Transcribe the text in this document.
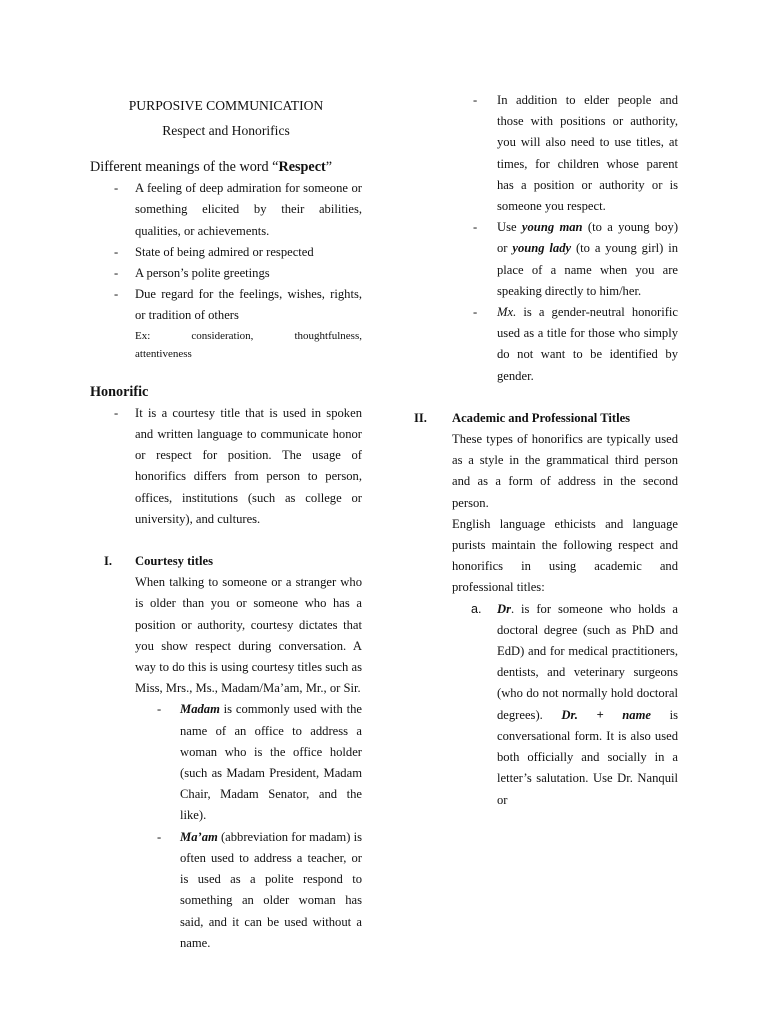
PURPOSIVE COMMUNICATION
Respect and Honorifics
Different meanings of the word “Respect”
- A feeling of deep admiration for someone or something elicited by their abilities, qualities, or achievements.
- State of being admired or respected
- A person’s polite greetings
- Due regard for the feelings, wishes, rights, or tradition of others
Ex: consideration, thoughtfulness,
attentiveness
Honorific
- It is a courtesy title that is used in spoken and written language to communicate honor or respect for position. The usage of honorifics differs from person to person, offices, institutions (such as college or university), and cultures.
I. Courtesy titles
When talking to someone or a stranger who is older than you or someone who has a position or authority, courtesy dictates that you show respect during conversation. A way to do this is using courtesy titles such as Miss, Mrs., Ms., Madam/Ma’am, Mr., or Sir.
- Madam is commonly used with the name of an office to address a woman who is the office holder (such as Madam President, Madam Chair, Madam Senator, and the like).
- Ma’am (abbreviation for madam) is often used to address a teacher, or is used as a polite respond to something an older woman has said, and it can be used without a name.
- In addition to elder people and those with positions or authority, you will also need to use titles, at times, for children whose parent has a position or authority or is someone you respect.
- Use young man (to a young boy) or young lady (to a young girl) in place of a name when you are speaking directly to him/her.
- Mx. is a gender-neutral honorific used as a title for those who simply do not want to be identified by gender.
II. Academic and Professional Titles
These types of honorifics are typically used as a style in the grammatical third person and as a form of address in the second person.
English language ethicists and language purists maintain the following respect and honorifics in using academic and professional titles:
a. Dr. is for someone who holds a doctoral degree (such as PhD and EdD) and for medical practitioners, dentists, and veterinary surgeons (who do not normally hold doctoral degrees). Dr. + name is conversational form. It is also used both officially and socially in a letter’s salutation. Use Dr. Nanquil or
